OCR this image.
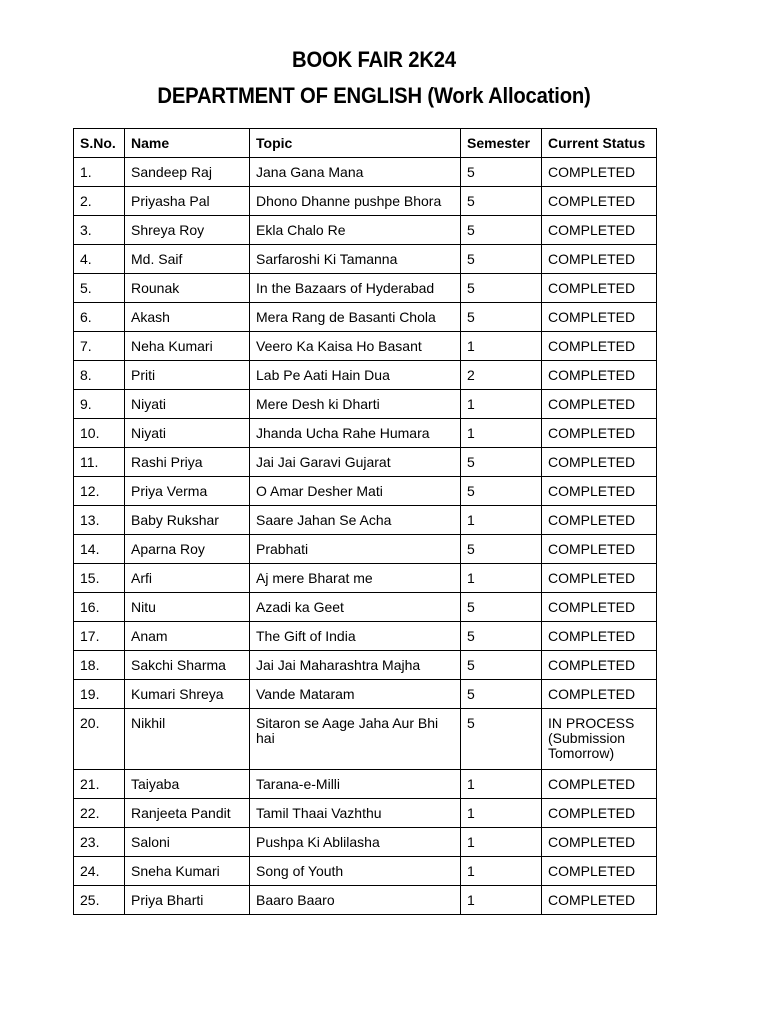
BOOK FAIR 2K24
DEPARTMENT OF ENGLISH (Work Allocation)
S.No.	Name	Topic	Semester	Current Status
1.	Sandeep Raj	Jana Gana Mana	5	COMPLETED
2.	Priyasha Pal	Dhono Dhanne pushpe Bhora	5	COMPLETED
3.	Shreya Roy	Ekla Chalo Re	5	COMPLETED
4.	Md. Saif	Sarfaroshi Ki Tamanna	5	COMPLETED
5.	Rounak	In the Bazaars of Hyderabad	5	COMPLETED
6.	Akash	Mera Rang de Basanti Chola	5	COMPLETED
7.	Neha Kumari	Veero Ka Kaisa Ho Basant	1	COMPLETED
8.	Priti	Lab Pe Aati Hain Dua	2	COMPLETED
9.	Niyati	Mere Desh ki Dharti	1	COMPLETED
10.	Niyati	Jhanda Ucha Rahe Humara	1	COMPLETED
11.	Rashi Priya	Jai Jai Garavi Gujarat	5	COMPLETED
12.	Priya Verma	O Amar Desher Mati	5	COMPLETED
13.	Baby Rukshar	Saare Jahan Se Acha	1	COMPLETED
14.	Aparna Roy	Prabhati	5	COMPLETED
15.	Arfi	Aj mere Bharat me	1	COMPLETED
16.	Nitu	Azadi ka Geet	5	COMPLETED
17.	Anam	The Gift of India	5	COMPLETED
18.	Sakchi Sharma	Jai Jai Maharashtra Majha	5	COMPLETED
19.	Kumari Shreya	Vande Mataram	5	COMPLETED
20.	Nikhil	Sitaron se Aage Jaha Aur Bhi hai	5	IN PROCESS (Submission Tomorrow)
21.	Taiyaba	Tarana-e-Milli	1	COMPLETED
22.	Ranjeeta Pandit	Tamil Thaai Vazhthu	1	COMPLETED
23.	Saloni	Pushpa Ki Ablilasha	1	COMPLETED
24.	Sneha Kumari	Song of Youth	1	COMPLETED
25.	Priya Bharti	Baaro Baaro	1	COMPLETED
